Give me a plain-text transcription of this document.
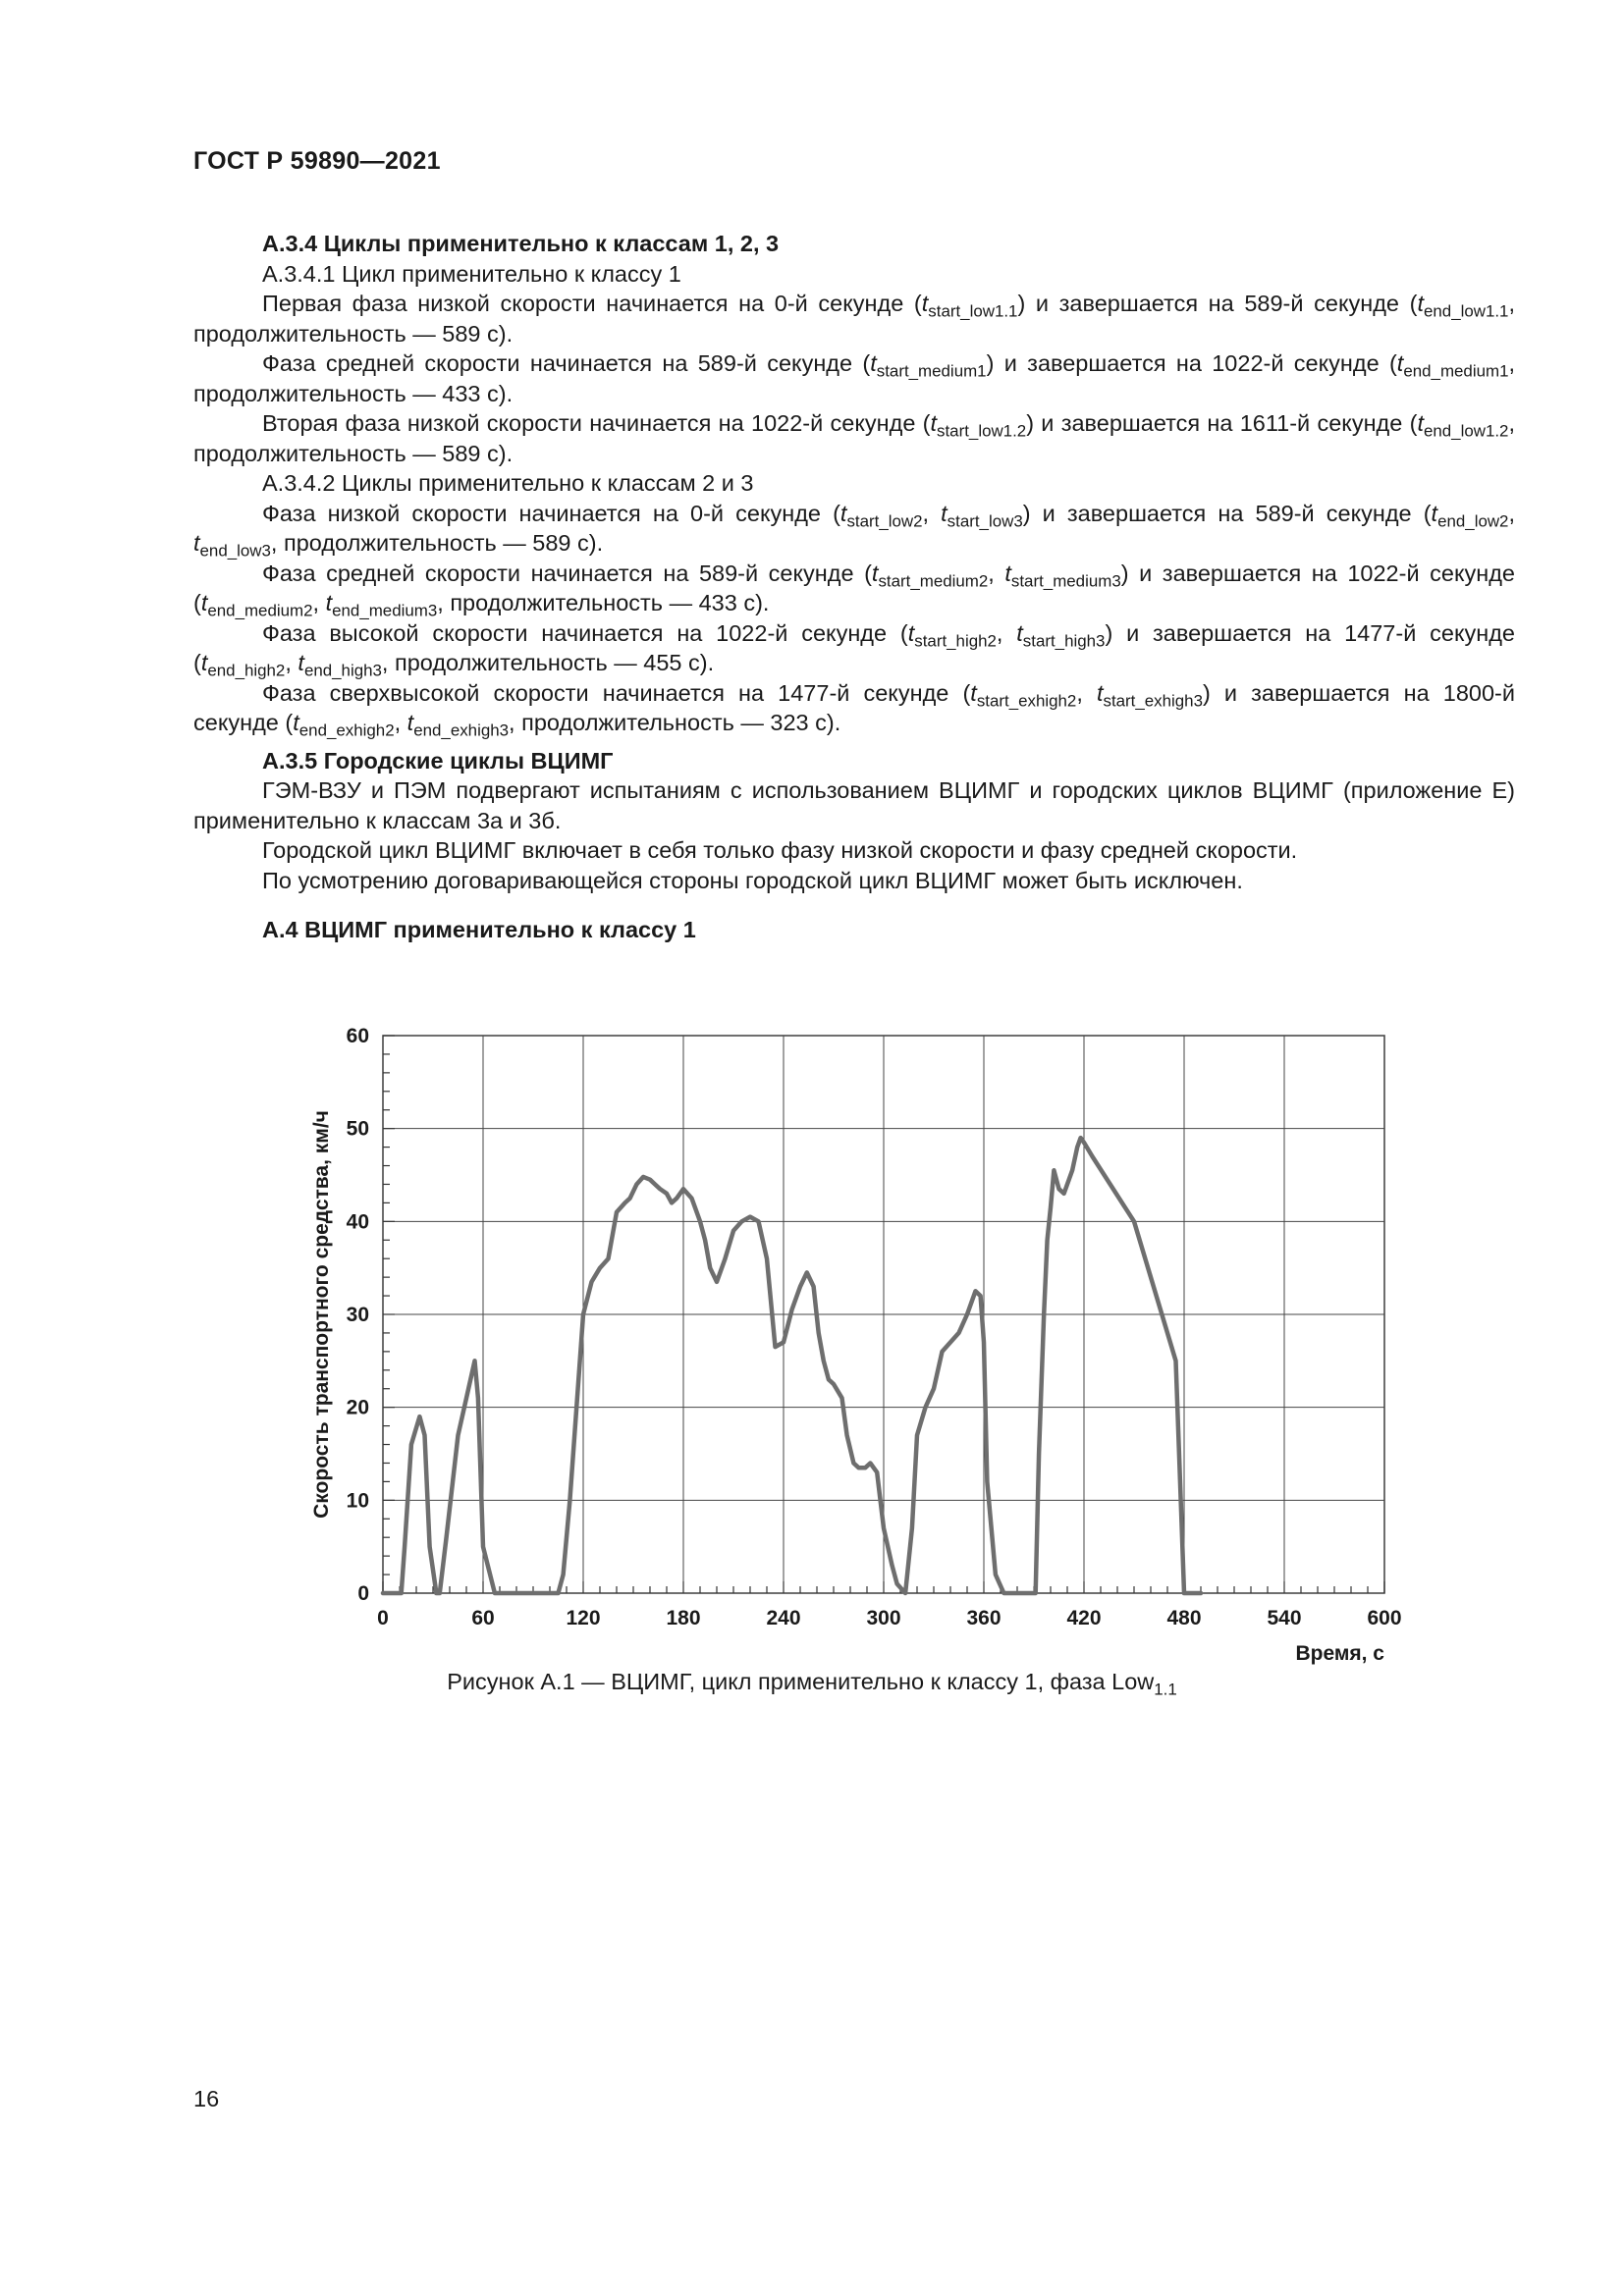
ГОСТ Р 59890—2021

А.3.4 Циклы применительно к классам 1, 2, 3

А.3.4.1 Цикл применительно к классу 1

Первая фаза низкой скорости начинается на 0-й секунде $(t_{start\_low1.1})$ и завершается на 589-й секунде ($t_{end\_low1.1}$, продолжительность — 589 с).

Фаза средней скорости начинается на 589-й секунде $(t_{start\_medium1})$ и завершается на 1022-й секунде ($t_{end\_medium1}$, продолжительность — 433 с).

Вторая фаза низкой скорости начинается на 1022-й секунде $(t_{start\_low1.2})$ и завершается на 1611-й секунде ($t_{end\_low1.2}$, продолжительность — 589 с).

А.3.4.2 Циклы применительно к классам 2 и 3

Фаза низкой скорости начинается на 0-й секунде ($t_{start\_low2}$, $t_{start\_low3}$) и завершается на 589-й секунде ($t_{end\_low2}$, $t_{end\_low3}$, продолжительность — 589 с).

Фаза средней скорости начинается на 589-й секунде ($t_{start\_medium2}$, $t_{start\_medium3}$) и завершается на 1022-й секунде ($t_{end\_medium2}$, $t_{end\_medium3}$, продолжительность — 433 с).

Фаза высокой скорости начинается на 1022-й секунде ($t_{start\_high2}$, $t_{start\_high3}$) и завершается на 1477-й секунде ($t_{end\_high2}$, $t_{end\_high3}$, продолжительность — 455 с).

Фаза сверхвысокой скорости начинается на 1477-й секунде ($t_{start\_exhigh2}$, $t_{start\_exhigh3}$) и завершается на 1800-й секунде ($t_{end\_exhigh2}$, $t_{end\_exhigh3}$, продолжительность — 323 с).

А.3.5 Городские циклы ВЦИМГ

ГЭМ-ВЗУ и ПЭМ подвергают испытаниям с использованием ВЦИМГ и городских циклов ВЦИМГ (приложение Е) применительно к классам 3а и 3б.

Городской цикл ВЦИМГ включает в себя только фазу низкой скорости и фазу средней скорости.

По усмотрению договаривающейся стороны городской цикл ВЦИМГ может быть исключен.

А.4 ВЦИМГ применительно к классу 1

0	60	120	180	240	300	360	420	480	540	600
0
10
20
30
40
50
60
Время, с
Скорость транспортного средства, км/ч
Рисунок А.1 — ВЦИМГ, цикл применительно к классу 1, фаза Low$_{1.1}$
16
